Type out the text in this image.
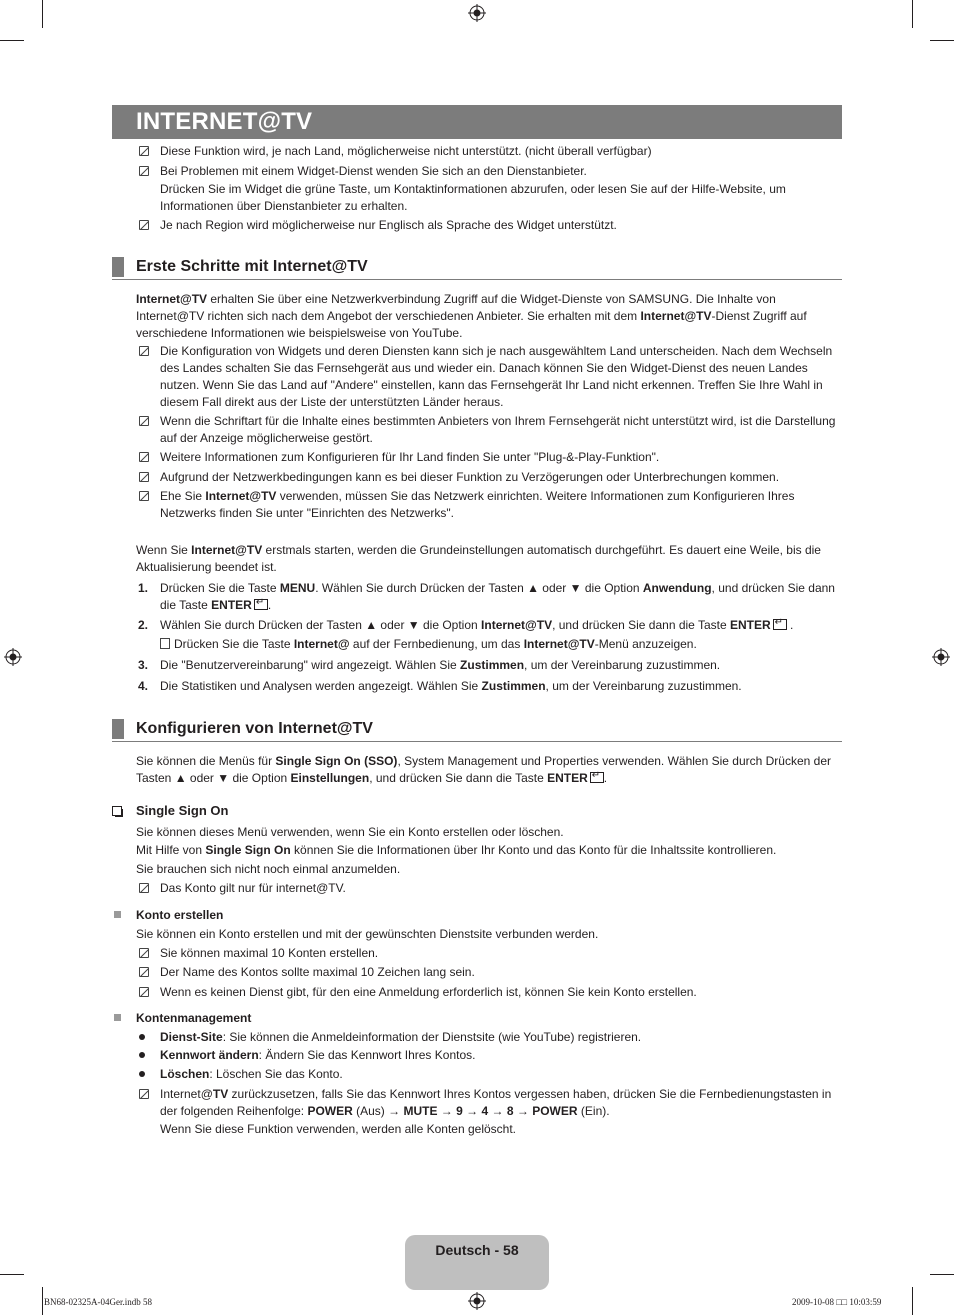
INTERNET@TV
Diese Funktion wird, je nach Land, möglicherweise nicht unterstützt. (nicht überall verfügbar)
Bei Problemen mit einem Widget-Dienst wenden Sie sich an den Dienstanbieter.
Drücken Sie im Widget die grüne Taste, um Kontaktinformationen abzurufen, oder lesen Sie auf der Hilfe-Website, um
Informationen über Dienstanbieter zu erhalten.
Je nach Region wird möglicherweise nur Englisch als Sprache des Widget unterstützt.
Erste Schritte mit Internet@TV
Internet@TV erhalten Sie über eine Netzwerkverbindung Zugriff auf die Widget-Dienste von SAMSUNG. Die Inhalte von Internet@TV richten sich nach dem Angebot der verschiedenen Anbieter. Sie erhalten mit dem Internet@TV-Dienst Zugriff auf verschiedene Informationen wie beispielsweise von YouTube.
Die Konfiguration von Widgets und deren Diensten kann sich je nach ausgewähltem Land unterscheiden. Nach dem Wechseln des Landes schalten Sie das Fernsehgerät aus und wieder ein. Danach können Sie den Widget-Dienst des neuen Landes nutzen. Wenn Sie das Land auf "Andere" einstellen, kann das Fernsehgerät Ihr Land nicht erkennen. Treffen Sie Ihre Wahl in diesem Fall direkt aus der Liste der unterstützten Länder heraus.
Wenn die Schriftart für die Inhalte eines bestimmten Anbieters von Ihrem Fernsehgerät nicht unterstützt wird, ist die Darstellung auf der Anzeige möglicherweise gestört.
Weitere Informationen zum Konfigurieren für Ihr Land finden Sie unter "Plug-&-Play-Funktion".
Aufgrund der Netzwerkbedingungen kann es bei dieser Funktion zu Verzögerungen oder Unterbrechungen kommen.
Ehe Sie Internet@TV verwenden, müssen Sie das Netzwerk einrichten. Weitere Informationen zum Konfigurieren Ihres Netzwerks finden Sie unter "Einrichten des Netzwerks".
Wenn Sie Internet@TV erstmals starten, werden die Grundeinstellungen automatisch durchgeführt. Es dauert eine Weile, bis die Aktualisierung beendet ist.
1. Drücken Sie die Taste MENU. Wählen Sie durch Drücken der Tasten ▲ oder ▼ die Option Anwendung, und drücken Sie dann die Taste ENTER ↵ .
2. Wählen Sie durch Drücken der Tasten ▲ oder ▼ die Option Internet@TV, und drücken Sie dann die Taste ENTER↵ .
Drücken Sie die Taste Internet@ auf der Fernbedienung, um das Internet@TV-Menü anzuzeigen.
3. Die "Benutzervereinbarung" wird angezeigt. Wählen Sie Zustimmen, um der Vereinbarung zuzustimmen.
4. Die Statistiken und Analysen werden angezeigt. Wählen Sie Zustimmen, um der Vereinbarung zuzustimmen.
Konfigurieren von Internet@TV
Sie können die Menüs für Single Sign On (SSO), System Management und Properties verwenden. Wählen Sie durch Drücken der Tasten ▲ oder ▼ die Option Einstellungen, und drücken Sie dann die Taste ENTER ↵ .
Single Sign On
Sie können dieses Menü verwenden, wenn Sie ein Konto erstellen oder löschen.
Mit Hilfe von Single Sign On können Sie die Informationen über Ihr Konto und das Konto für die Inhaltssite kontrollieren.
Sie brauchen sich nicht noch einmal anzumelden.
Das Konto gilt nur für internet@TV.
Konto erstellen
Sie können ein Konto erstellen und mit der gewünschten Dienstsite verbunden werden.
Sie können maximal 10 Konten erstellen.
Der Name des Kontos sollte maximal 10 Zeichen lang sein.
Wenn es keinen Dienst gibt, für den eine Anmeldung erforderlich ist, können Sie kein Konto erstellen.
Kontenmanagement
Dienst-Site: Sie können die Anmeldeinformation der Dienstsite (wie YouTube) registrieren.
Kennwort ändern: Ändern Sie das Kennwort Ihres Kontos.
Löschen: Löschen Sie das Konto.
Internet@TV zurückzusetzen, falls Sie das Kennwort Ihres Kontos vergessen haben, drücken Sie die Fernbedienungstasten in der folgenden Reihenfolge: POWER (Aus) → MUTE → 9 → 4 → 8 → POWER (Ein).
Wenn Sie diese Funktion verwenden, werden alle Konten gelöscht.
Deutsch - 58
BN68-02325A-04Ger.indb 58	2009-10-08 □□ 10:03:59
